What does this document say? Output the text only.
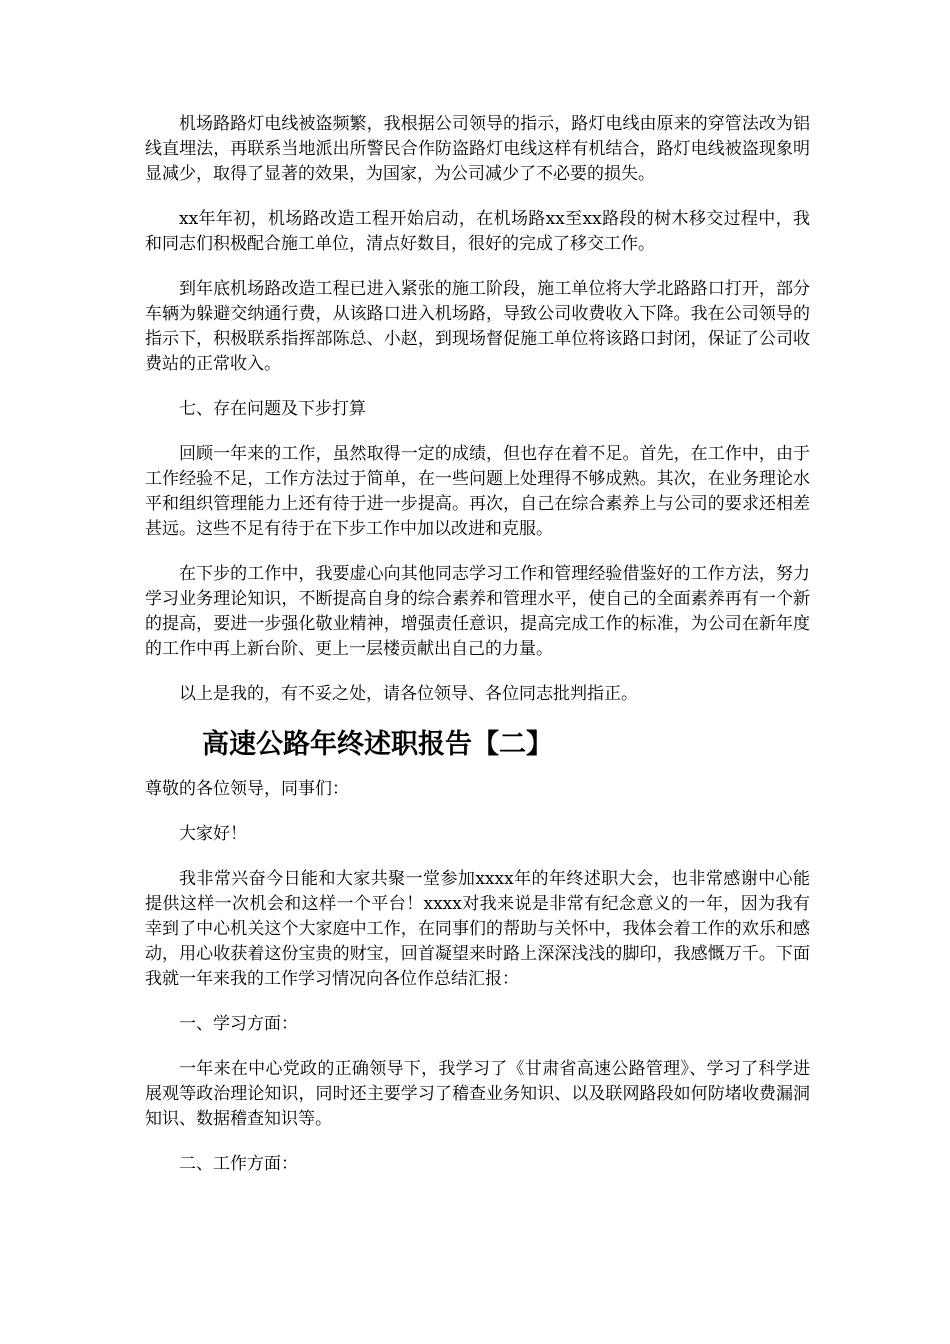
机场路路灯电线被盗频繁，我根据公司领导的指示，路灯电线由原来的穿管法改为铝线直埋法，再联系当地派出所警民合作防盗路灯电线这样有机结合，路灯电线被盗现象明显减少，取得了显著的效果，为国家，为公司减少了不必要的损失。

xx年年初，机场路改造工程开始启动，在机场路xx至xx路段的树木移交过程中，我和同志们积极配合施工单位，清点好数目，很好的完成了移交工作。

到年底机场路改造工程已进入紧张的施工阶段，施工单位将大学北路路口打开，部分车辆为躲避交纳通行费，从该路口进入机场路，导致公司收费收入下降。我在公司领导的指示下，积极联系指挥部陈总、小赵，到现场督促施工单位将该路口封闭，保证了公司收费站的正常收入。

七、存在问题及下步打算

回顾一年来的工作，虽然取得一定的成绩，但也存在着不足。首先，在工作中，由于工作经验不足，工作方法过于简单，在一些问题上处理得不够成熟。其次，在业务理论水平和组织管理能力上还有待于进一步提高。再次，自己在综合素养上与公司的要求还相差甚远。这些不足有待于在下步工作中加以改进和克服。

在下步的工作中，我要虚心向其他同志学习工作和管理经验借鉴好的工作方法，努力学习业务理论知识，不断提高自身的综合素养和管理水平，使自己的全面素养再有一个新的提高，要进一步强化敬业精神，增强责任意识，提高完成工作的标准，为公司在新年度的工作中再上新台阶、更上一层楼贡献出自己的力量。

以上是我的，有不妥之处，请各位领导、各位同志批判指正。

高速公路年终述职报告【二】

尊敬的各位领导，同事们：

大家好！

我非常兴奋今日能和大家共聚一堂参加xxxx年的年终述职大会，也非常感谢中心能提供这样一次机会和这样一个平台！xxxx对我来说是非常有纪念意义的一年，因为我有幸到了中心机关这个大家庭中工作，在同事们的帮助与关怀中，我体会着工作的欢乐和感动，用心收获着这份宝贵的财宝，回首凝望来时路上深深浅浅的脚印，我感慨万千。下面我就一年来我的工作学习情况向各位作总结汇报：

一、学习方面：

一年来在中心党政的正确领导下，我学习了《甘肃省高速公路管理》、学习了科学进展观等政治理论知识，同时还主要学习了稽查业务知识、以及联网路段如何防堵收费漏洞知识、数据稽查知识等。

二、工作方面：
